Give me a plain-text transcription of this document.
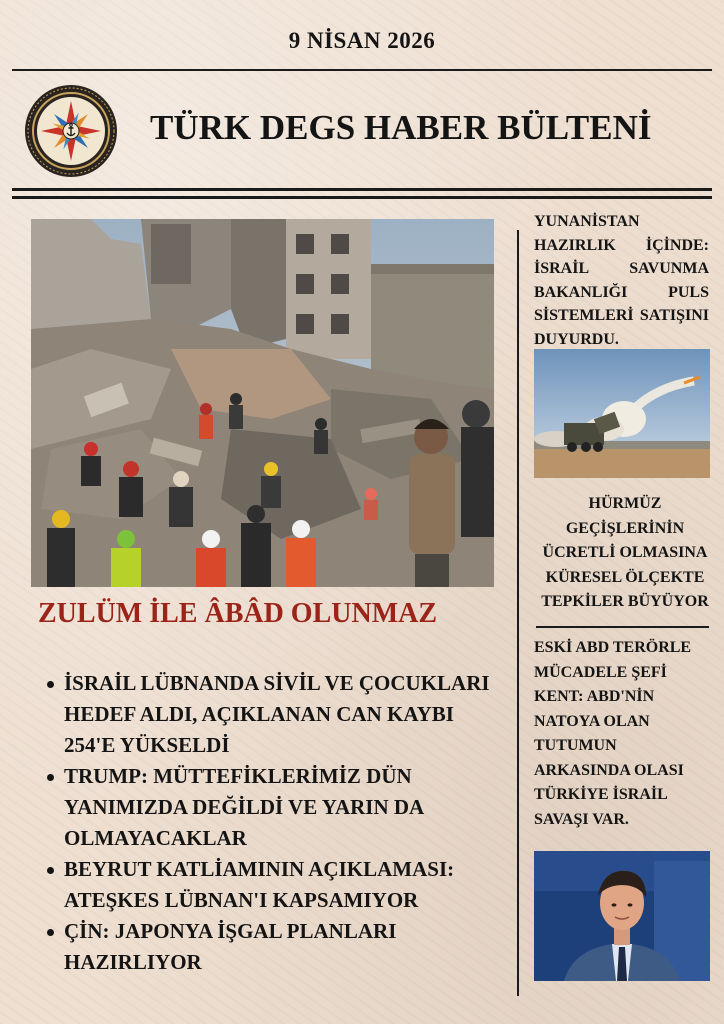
9 NİSAN 2026
TÜRK DEGS HABER BÜLTENİ
ZULÜM İLE ÂBÂD OLUNMAZ
İSRAİL LÜBNANDA SİVİL VE ÇOCUKLARI HEDEF ALDI, AÇIKLANAN CAN KAYBI 254'E YÜKSELDİ
TRUMP: MÜTTEFİKLERİMİZ DÜN YANIMIZDA DEĞİLDİ VE YARIN DA OLMAYACAKLAR
BEYRUT KATLİAMININ AÇIKLAMASI: ATEŞKES LÜBNAN'I KAPSAMIYOR
ÇİN: JAPONYA İŞGAL PLANLARI HAZIRLIYOR
YUNANİSTAN HAZIRLIK İÇİNDE: İSRAİL SAVUNMA BAKANLIĞI PULS SİSTEMLERİ SATIŞINI DUYURDU.
HÜRMÜZ GEÇİŞLERİNİN ÜCRETLİ OLMASINA KÜRESEL ÖLÇEKTE TEPKİLER BÜYÜYOR
ESKİ ABD TERÖRLE MÜCADELE ŞEFİ KENT: ABD'NİN NATOYA OLAN TUTUMUN ARKASINDA OLASI TÜRKİYE İSRAİL SAVAŞI VAR.
